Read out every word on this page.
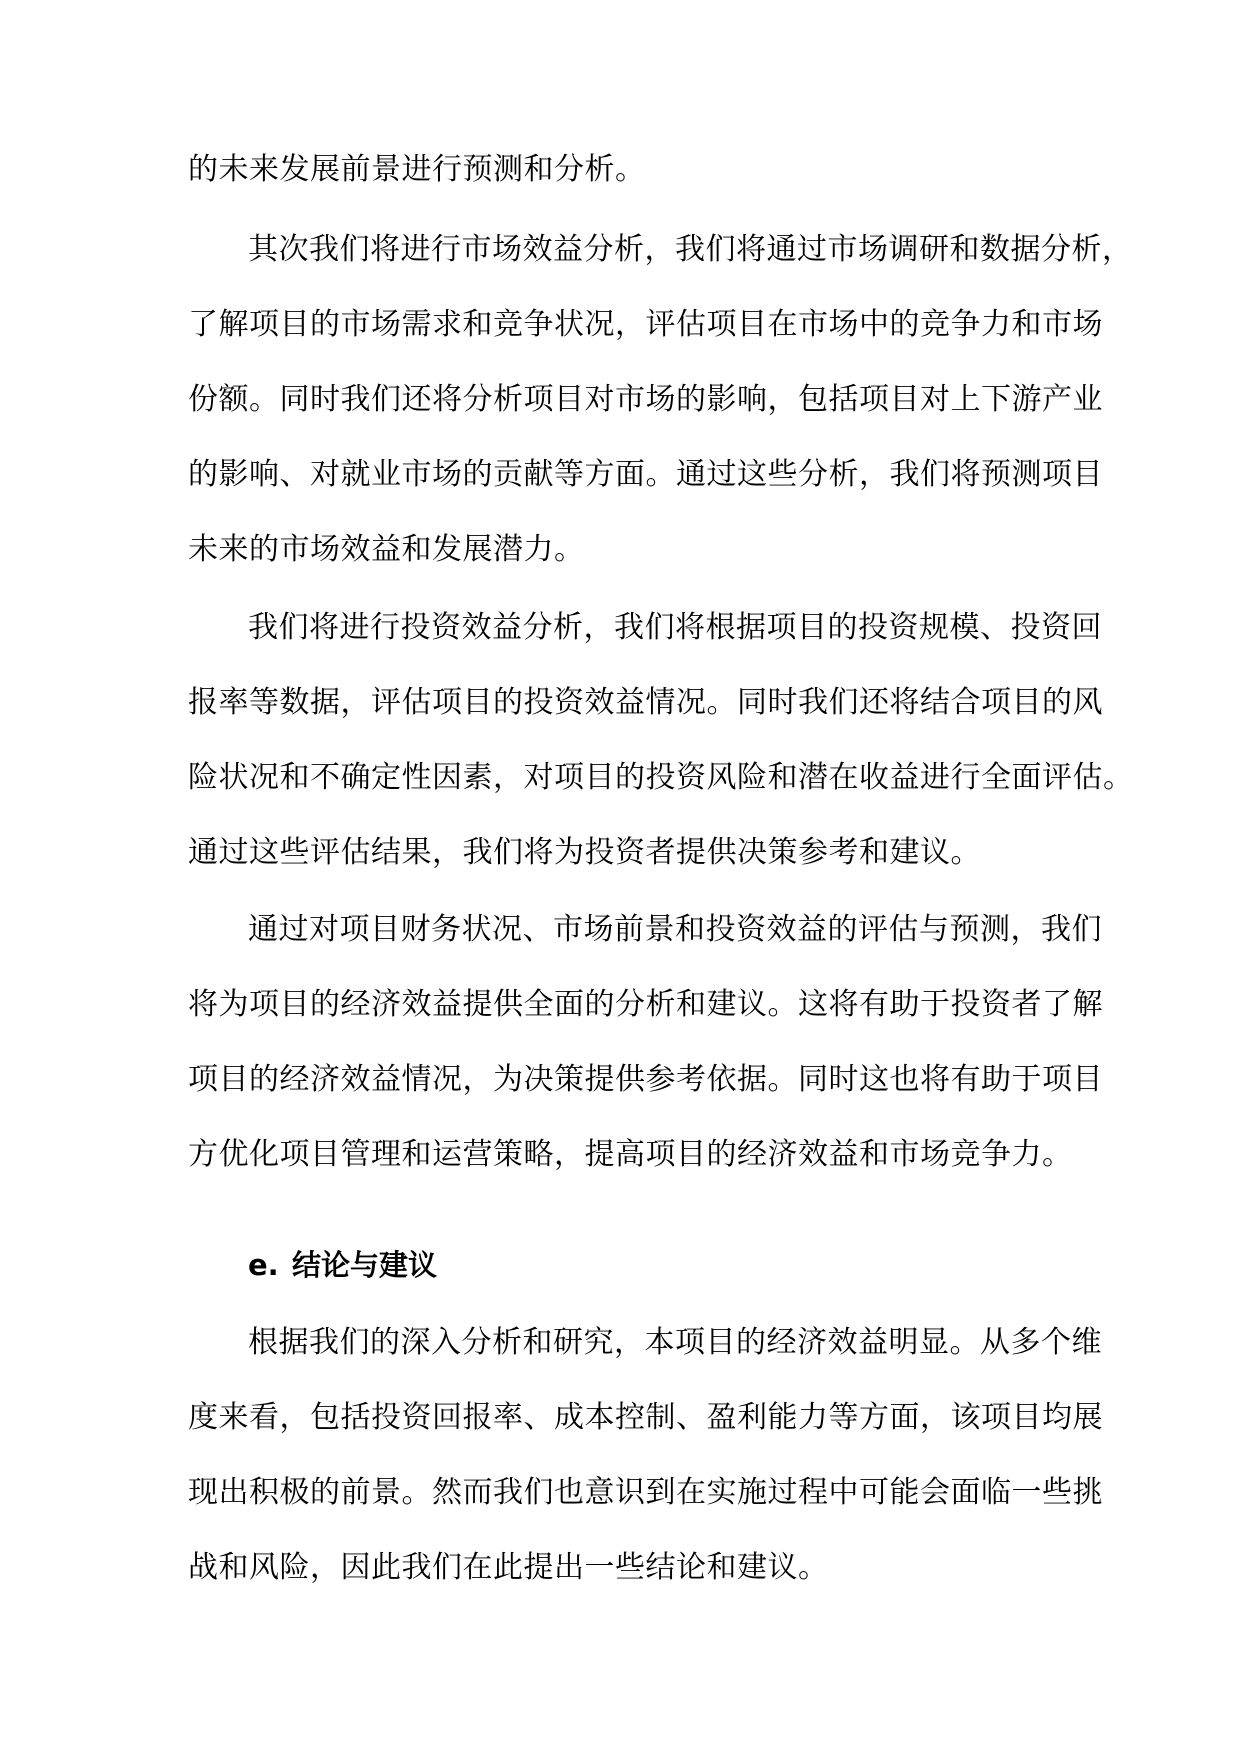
的未来发展前景进行预测和分析。
其次我们将进行市场效益分析，我们将通过市场调研和数据分析，
了解项目的市场需求和竞争状况，评估项目在市场中的竞争力和市场
份额。同时我们还将分析项目对市场的影响，包括项目对上下游产业
的影响、对就业市场的贡献等方面。通过这些分析，我们将预测项目
未来的市场效益和发展潜力。
我们将进行投资效益分析，我们将根据项目的投资规模、投资回
报率等数据，评估项目的投资效益情况。同时我们还将结合项目的风
险状况和不确定性因素，对项目的投资风险和潜在收益进行全面评估。
通过这些评估结果，我们将为投资者提供决策参考和建议。
通过对项目财务状况、市场前景和投资效益的评估与预测，我们
将为项目的经济效益提供全面的分析和建议。这将有助于投资者了解
项目的经济效益情况，为决策提供参考依据。同时这也将有助于项目
方优化项目管理和运营策略，提高项目的经济效益和市场竞争力。
e. 结论与建议
根据我们的深入分析和研究，本项目的经济效益明显。从多个维
度来看，包括投资回报率、成本控制、盈利能力等方面，该项目均展
现出积极的前景。然而我们也意识到在实施过程中可能会面临一些挑
战和风险，因此我们在此提出一些结论和建议。
